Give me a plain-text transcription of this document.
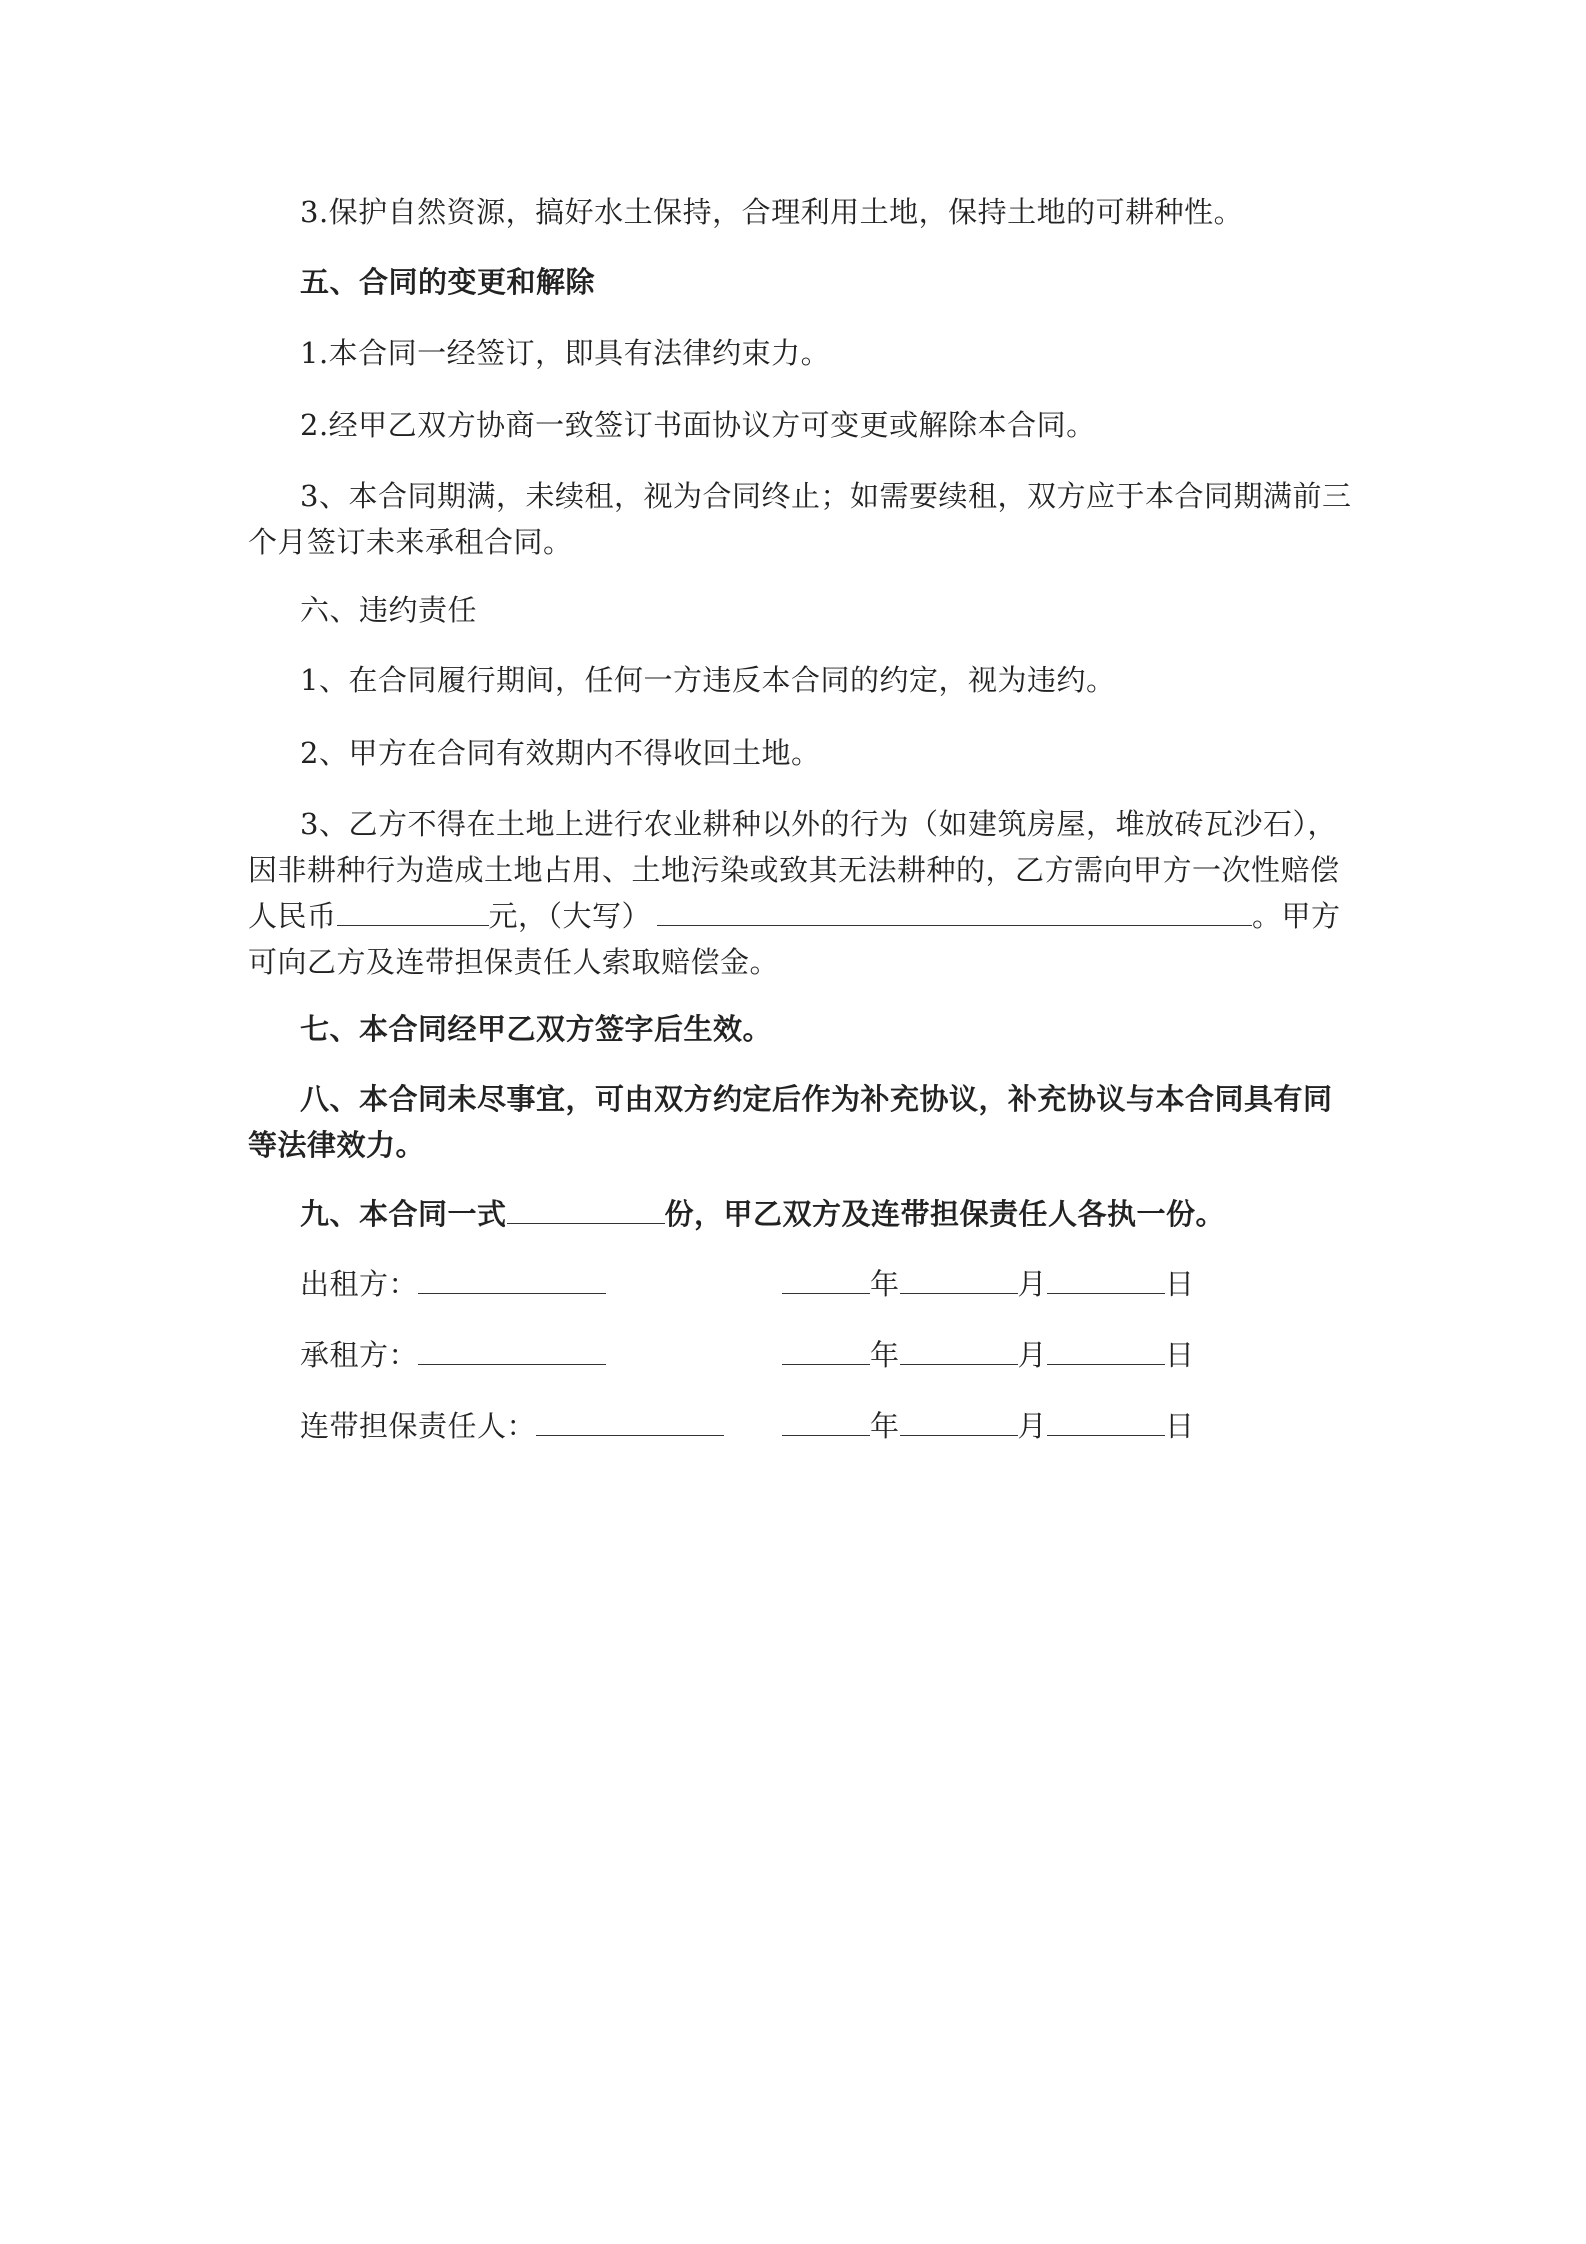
3.保护自然资源，搞好水土保持，合理利用土地，保持土地的可耕种性。
五、合同的变更和解除
1.本合同一经签订，即具有法律约束力。
2.经甲乙双方协商一致签订书面协议方可变更或解除本合同。
3、本合同期满，未续租，视为合同终止；如需要续租，双方应于本合同期满前三
个月签订未来承租合同。
六、违约责任
1、在合同履行期间，任何一方违反本合同的约定，视为违约。
2、甲方在合同有效期内不得收回土地。
3、乙方不得在土地上进行农业耕种以外的行为（如建筑房屋，堆放砖瓦沙石），
因非耕种行为造成土地占用、土地污染或致其无法耕种的，乙方需向甲方一次性赔偿
人民币	元，（大写）	。甲方
可向乙方及连带担保责任人索取赔偿金。
七、本合同经甲乙双方签字后生效。
八、本合同未尽事宜，可由双方约定后作为补充协议，补充协议与本合同具有同
等法律效力。
九、本合同一式	份，甲乙双方及连带担保责任人各执一份。
出租方：	年	月	日
承租方：	年	月	日
连带担保责任人：	年	月	日
